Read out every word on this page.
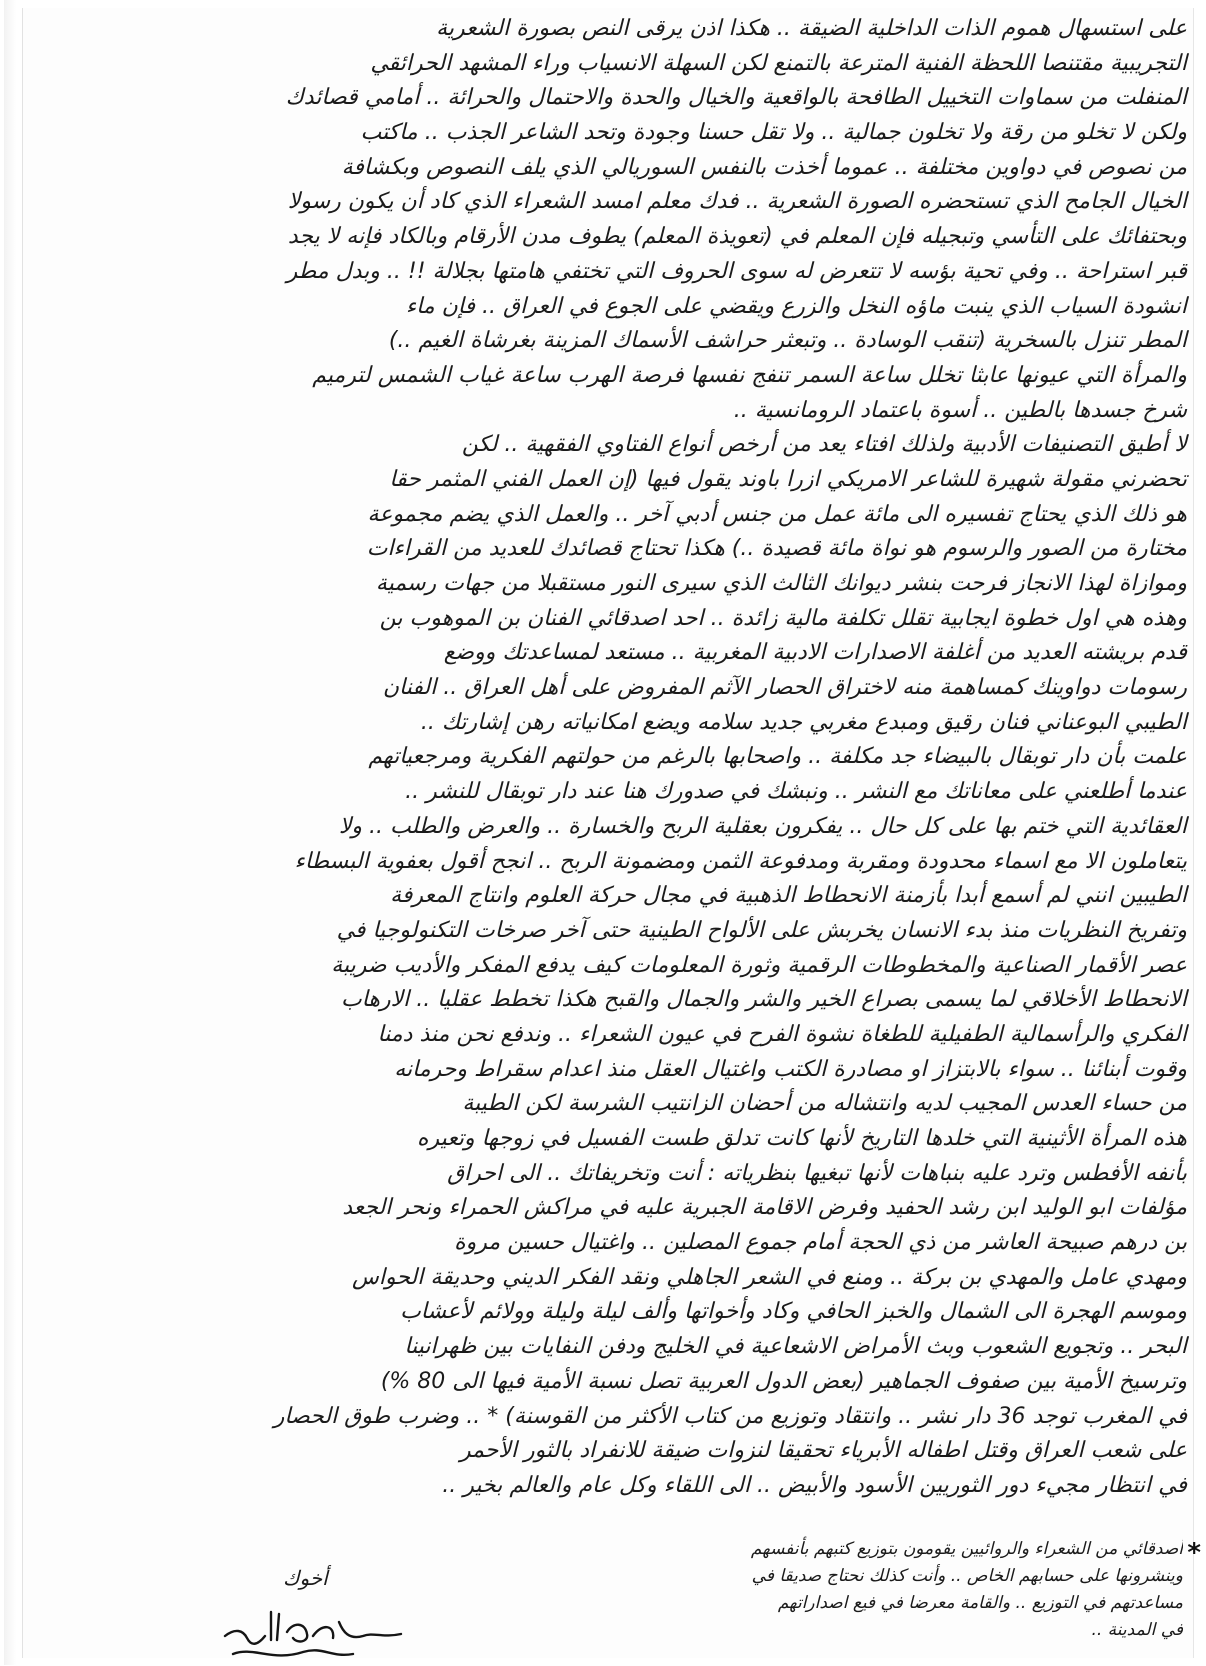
على استسهال هموم الذات الداخلية الضيقة .. هكذا اذن يرقى النص بصورة الشعرية
التجريبية مقتنصا اللحظة الفنية المترعة بالتمنع لكن السهلة الانسياب وراء المشهد الحرائقي
المنفلت من سماوات التخييل الطافحة بالواقعية والخيال والحدة والاحتمال والحرائة .. أمامي قصائدك
ولكن لا تخلو من رقة ولا تخلون جمالية .. ولا تقل حسنا وجودة وتحد الشاعر الجذب .. ماكتب
من نصوص في دواوين مختلفة .. عموما أخذت بالنفس السوريالي الذي يلف النصوص وبكشافة
الخيال الجامح الذي تستحضره الصورة الشعرية .. فدك معلم امسد الشعراء الذي كاد أن يكون رسولا
وبحتفائك على التأسي وتبجيله فإن المعلم في (تعويذة المعلم) يطوف مدن الأرقام وبالكاد فإنه لا يجد
قبر استراحة .. وفي تحية بؤسه لا تتعرض له سوى الحروف التي تختفي هامتها بجلالة !! .. وبدل مطر
انشودة السياب الذي ينبت ماؤه النخل والزرع ويقضي على الجوع في العراق .. فإن ماء
المطر تنزل بالسخرية (تنقب الوسادة .. وتبعثر حراشف الأسماك المزينة بغرشاة الغيم ..)
والمرأة التي عيونها عابثا تخلل ساعة السمر تنفج نفسها فرصة الهرب ساعة غياب الشمس لترميم
شرخ جسدها بالطين .. أسوة باعتماد الرومانسية ..
لا أطيق التصنيفات الأدبية ولذلك افتاء يعد من أرخص أنواع الفتاوي الفقهية .. لكن
تحضرني مقولة شهيرة للشاعر الامريكي ازرا باوند يقول فيها (إن العمل الفني المثمر حقا
هو ذلك الذي يحتاج تفسيره الى مائة عمل من جنس أدبي آخر .. والعمل الذي يضم مجموعة
مختارة من الصور والرسوم هو نواة مائة قصيدة ..) هكذا تحتاج قصائدك للعديد من القراءات
وموازاة لهذا الانجاز فرحت بنشر ديوانك الثالث الذي سيرى النور مستقبلا من جهات رسمية
وهذه هي اول خطوة ايجابية تقلل تكلفة مالية زائدة .. احد اصدقائي الفنان بن الموهوب بن
قدم بريشته العديد من أغلفة الاصدارات الادبية المغربية .. مستعد لمساعدتك ووضع
رسومات دواوينك كمساهمة منه لاختراق الحصار الآثم المفروض على أهل العراق .. الفنان
الطيبي البوعناني فنان رقيق ومبدع مغربي جديد سلامه ويضع امكانياته رهن إشارتك ..
علمت بأن دار توبقال بالبيضاء جد مكلفة .. واصحابها بالرغم من حولتهم الفكرية ومرجعياتهم
عندما أطلعني على معاناتك مع النشر .. ونبشك في صدورك هنا عند دار توبقال للنشر ..
العقائدية التي ختم بها على كل حال .. يفكرون بعقلية الربح والخسارة .. والعرض والطلب .. ولا
يتعاملون الا مع اسماء محدودة ومقربة ومدفوعة الثمن ومضمونة الربح .. انجح أقول بعفوية البسطاء
الطيبين انني لم أسمع أبدا بأزمنة الانحطاط الذهبية في مجال حركة العلوم وانتاج المعرفة
وتفريخ النظريات منذ بدء الانسان يخربش على الألواح الطينية حتى آخر صرخات التكنولوجيا في
عصر الأقمار الصناعية والمخطوطات الرقمية وثورة المعلومات كيف يدفع المفكر والأديب ضريبة
الانحطاط الأخلاقي لما يسمى بصراع الخير والشر والجمال والقبح هكذا تخطط عقليا .. الارهاب
الفكري والرأسمالية الطفيلية للطغاة نشوة الفرح في عيون الشعراء .. وندفع نحن منذ دمنا
وقوت أبنائنا .. سواء بالابتزاز او مصادرة الكتب واغتيال العقل منذ اعدام سقراط وحرمانه
من حساء العدس المجيب لديه وانتشاله من أحضان الزانتيب الشرسة لكن الطيبة
هذه المرأة الأثينية التي خلدها التاريخ لأنها كانت تدلق طست الفسيل في زوجها وتعيره
بأنفه الأفطس وترد عليه بنباهات لأنها تبغيها بنظرياته : أنت وتخريفاتك .. الى احراق
مؤلفات ابو الوليد ابن رشد الحفيد وفرض الاقامة الجبرية عليه في مراكش الحمراء ونحر الجعد
بن درهم صبيحة العاشر من ذي الحجة أمام جموع المصلين .. واغتيال حسين مروة
ومهدي عامل والمهدي بن بركة .. ومنع في الشعر الجاهلي ونقد الفكر الديني وحديقة الحواس
وموسم الهجرة الى الشمال والخبز الحافي وكاد وأخواتها وألف ليلة وليلة وولائم لأعشاب
البحر .. وتجويع الشعوب وبث الأمراض الاشعاعية في الخليج ودفن النفايات بين ظهرانينا
وترسيخ الأمية بين صفوف الجماهير (بعض الدول العربية تصل نسبة الأمية فيها الى 80 %)
في المغرب توجد 36 دار نشر .. وانتقاد وتوزيع من كتاب الأكثر من القوسنة) * .. وضرب طوق الحصار
على شعب العراق وقتل اطفاله الأبرياء تحقيقا لنزوات ضيقة للانفراد بالثور الأحمر
في انتظار مجيء دور الثوريين الأسود والأبيض .. الى اللقاء وكل عام والعالم بخير ..
*
أصدقائي من الشعراء والروائيين يقومون بتوزيع كتبهم بأنفسهم
وينشرونها على حسابهم الخاص .. وأنت كذلك نحتاج صديقا في
مساعدتهم في التوزيع .. والقامة معرضا في فيع اصداراتهم
في المدينة ..
أخوك
